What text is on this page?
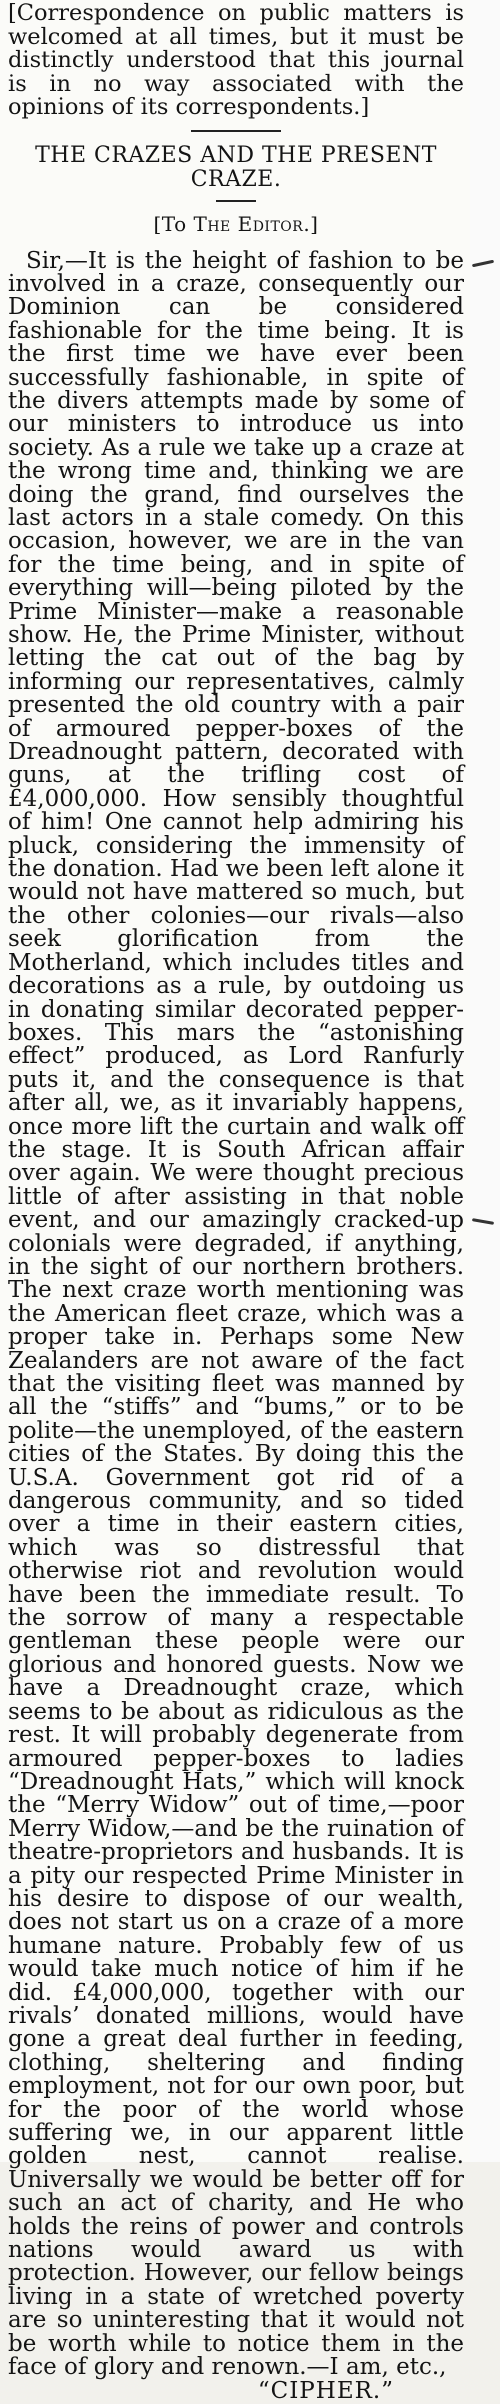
[Correspondence on public matters is welcomed at all times, but it must be distinctly understood that this journal is in no way associated with the opinions of its correspondents.]

THE CRAZES AND THE PRESENT CRAZE.

[To The Editor.]

Sir,—It is the height of fashion to be involved in a craze, consequently our Dominion can be considered fashionable for the time being. It is the first time we have ever been successfully fashionable, in spite of the divers attempts made by some of our ministers to introduce us into society. As a rule we take up a craze at the wrong time and, thinking we are doing the grand, find ourselves the last actors in a stale comedy. On this occasion, however, we are in the van for the time being, and in spite of everything will—being piloted by the Prime Minister—make a reasonable show. He, the Prime Minister, without letting the cat out of the bag by informing our representatives, calmly presented the old country with a pair of armoured pepper-boxes of the Dreadnought pattern, decorated with guns, at the trifling cost of £4,000,000. How sensibly thoughtful of him! One cannot help admiring his pluck, considering the immensity of the donation. Had we been left alone it would not have mattered so much, but the other colonies—our rivals—also seek glorification from the Motherland, which includes titles and decorations as a rule, by outdoing us in donating similar decorated pepper-boxes. This mars the “astonishing effect” produced, as Lord Ranfurly puts it, and the consequence is that after all, we, as it invariably happens, once more lift the curtain and walk off the stage. It is South African affair over again. We were thought precious little of after assisting in that noble event, and our amazingly cracked-up colonials were degraded, if anything, in the sight of our northern brothers. The next craze worth mentioning was the American fleet craze, which was a proper take in. Perhaps some New Zealanders are not aware of the fact that the visiting fleet was manned by all the “stiffs” and “bums,” or to be polite—the unemployed, of the eastern cities of the States. By doing this the U.S.A. Government got rid of a dangerous community, and so tided over a time in their eastern cities, which was so distressful that otherwise riot and revolution would have been the immediate result. To the sorrow of many a respectable gentleman these people were our glorious and honored guests. Now we have a Dreadnought craze, which seems to be about as ridiculous as the rest. It will probably degenerate from armoured pepper-boxes to ladies “Dreadnought Hats,” which will knock the “Merry Widow” out of time,—poor Merry Widow,—and be the ruination of theatre-proprietors and husbands. It is a pity our respected Prime Minister in his desire to dispose of our wealth, does not start us on a craze of a more humane nature. Probably few of us would take much notice of him if he did. £4,000,000, together with our rivals’ donated millions, would have gone a great deal further in feeding, clothing, sheltering and finding employment, not for our own poor, but for the poor of the world whose suffering we, in our apparent little golden nest, cannot realise. Universally we would be better off for such an act of charity, and He who holds the reins of power and controls nations would award us with protection. However, our fellow beings living in a state of wretched poverty are so uninteresting that it would not be worth while to notice them in the face of glory and renown.—I am, etc.,

“CIPHER.”
